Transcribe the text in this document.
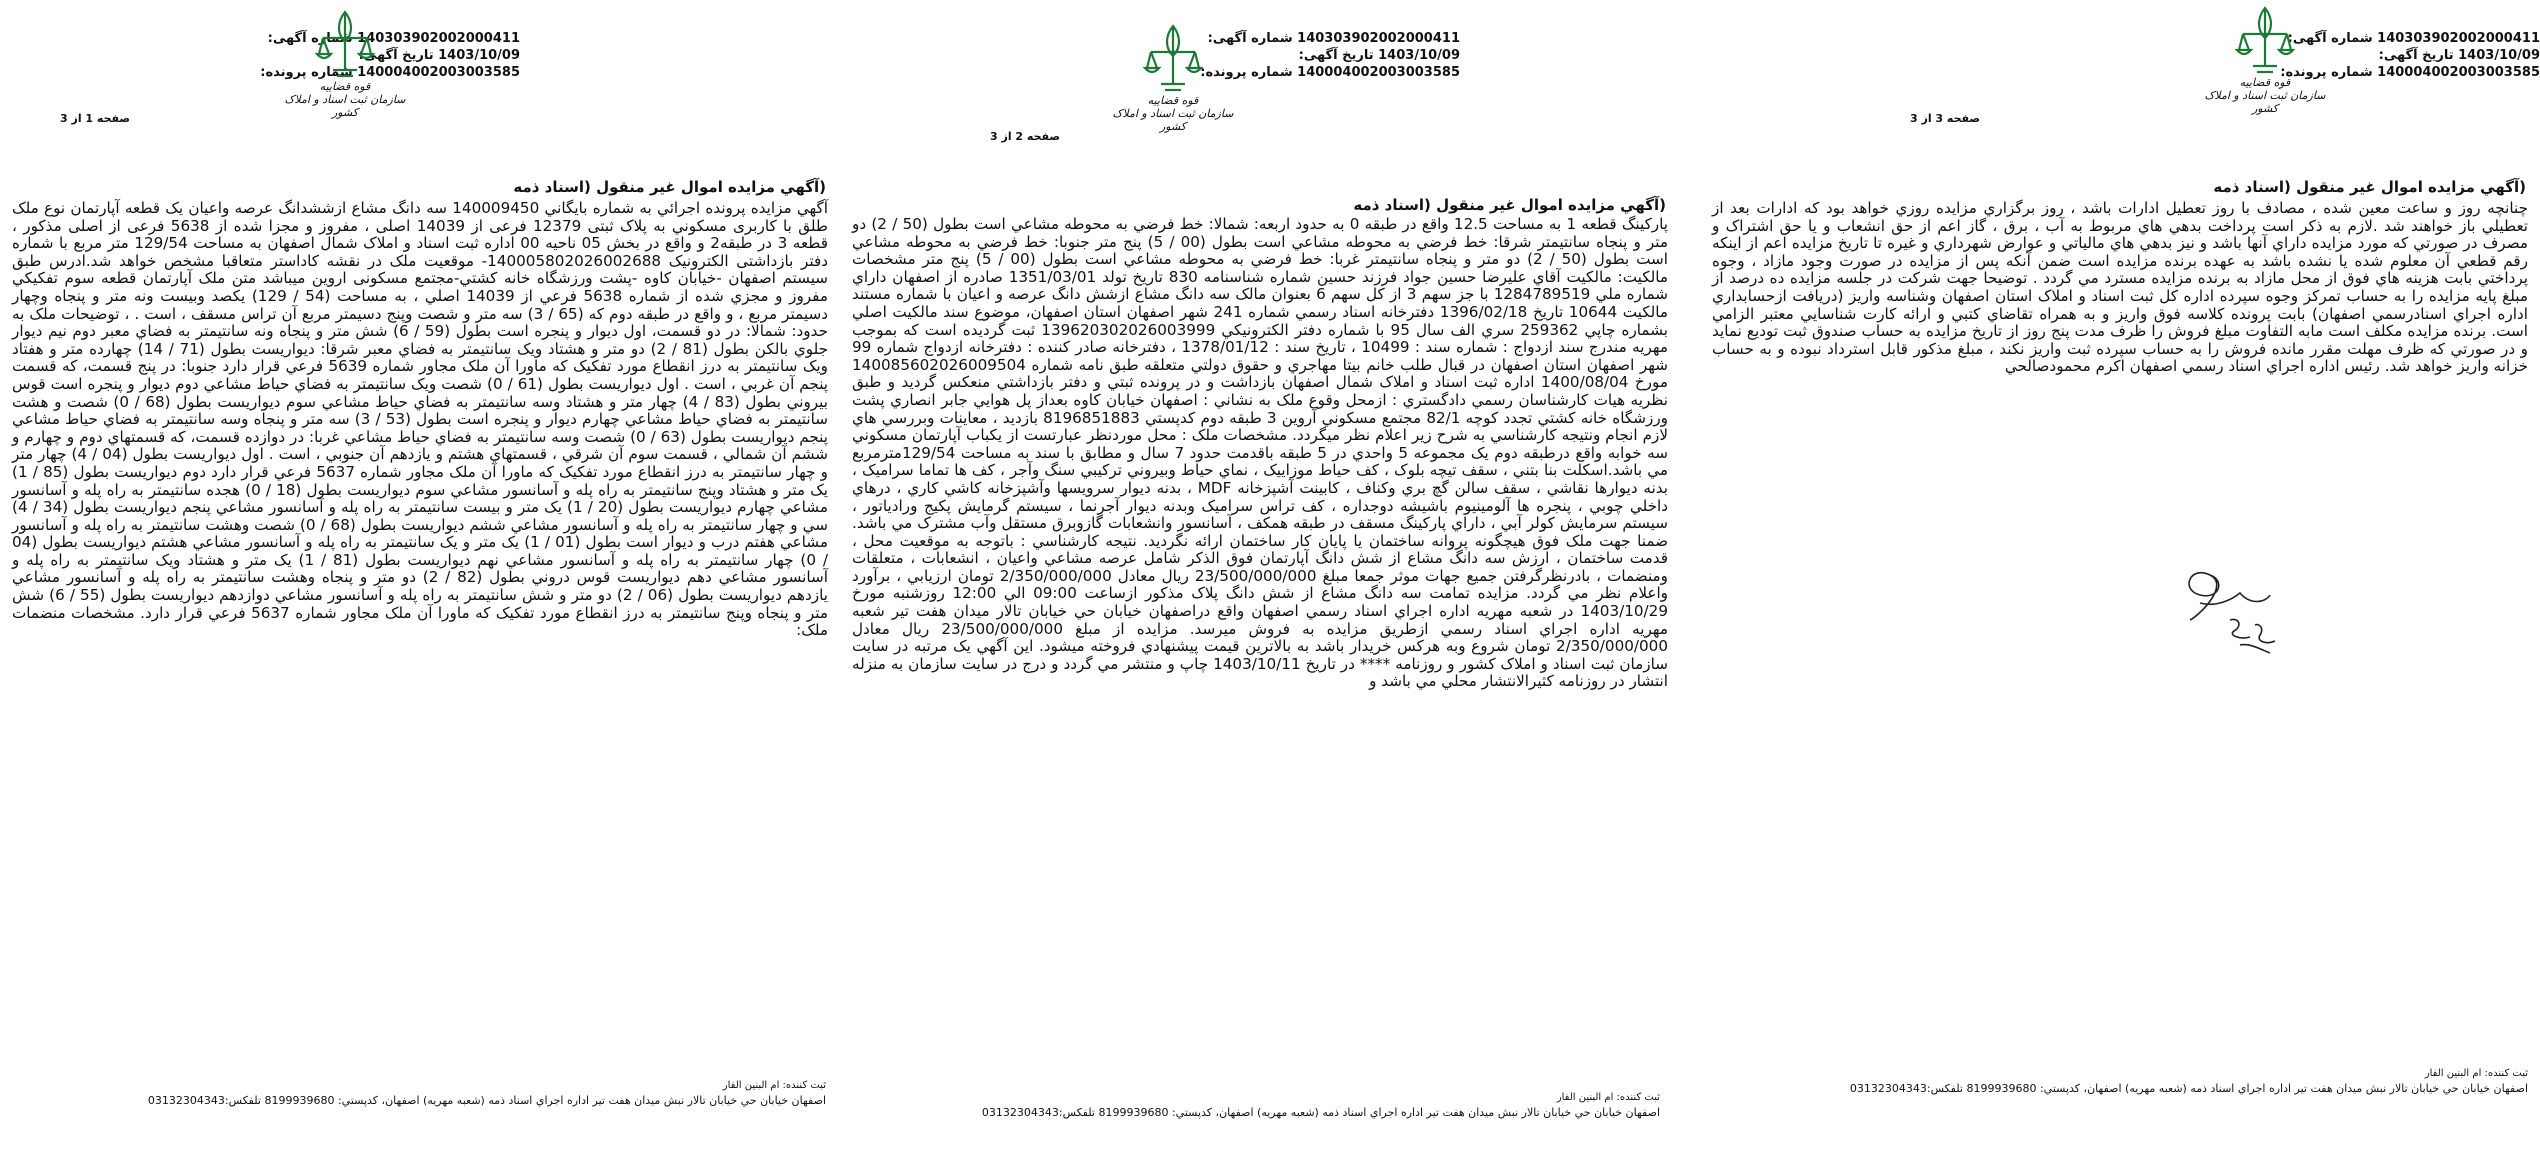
140303902002000411 شماره آگهی:
1403/10/09 تاریخ آگهی:
140004002003003585 شماره پرونده:
قوه قضاییه
سازمان ثبت اسناد و املاک کشور
صفحه 1 از 3
(آگهي مزايده اموال غير منقول (اسناد ذمه

آگهي مزايده پرونده اجرائي به شماره بايگاني 140009450 سه دانگ مشاع ازششدانگ عرصه واعيان يک قطعه آپارتمان نوع ملک طلق با کاربری مسکوني به پلاک ثبتی 12379 فرعی از 14039 اصلی ، مفروز و مجزا شده از 5638 فرعی از اصلی مذکور ، قطعه 3 در طبقه2 و واقع در بخش 05 ناحیه 00 اداره ثبت اسناد و املاک شمال اصفهان به مساحت 129/54 متر مربع با شماره دفتر بازداشتی الکترونیک 140005802026002688- موقعیت ملک در نقشه کاداستر متعاقبا مشخص خواهد شد.ادرس طبق سیستم اصفهان -خیابان کاوه -پشت ورزشگاه خانه کشتي-مجتمع مسکونی اروین میباشد متن ملک آپارتمان قطعه سوم تفکیکي مفروز و مجزي شده از شماره 5638 فرعي از 14039 اصلي ، به مساحت (54 / 129) يکصد وبيست ونه متر و پنجاه وچهار دسيمتر مربع ، و واقع در طبقه دوم که (65 / 3) سه متر و شصت وپنج دسيمتر مربع آن تراس مسقف ، است . ، توضيحات ملک به حدود: شمالا: در دو قسمت، اول ديوار و پنجره است بطول (59 / 6) شش متر و پنجاه ونه سانتيمتر به فضاي معبر دوم نيم ديوار جلوي بالکن بطول (81 / 2) دو متر و هشتاد ويک سانتيمتر به فضاي معبر شرقا: ديواريست بطول (71 / 14) چهارده متر و هفتاد ويک سانتيمتر به درز انقطاع مورد تفکيک که ماورا آن ملک مجاور شماره 5639 فرعي قرار دارد جنوبا: در پنج قسمت، که قسمت پنجم آن غربي ، است . اول ديواريست بطول (61 / 0) شصت ويک سانتيمتر به فضاي حياط مشاعي دوم ديوار و پنجره است قوس بيروني بطول (83 / 4) چهار متر و هشتاد وسه سانتيمتر به فضاي حياط مشاعي سوم ديواريست بطول (68 / 0) شصت و هشت سانتيمتر به فضاي حياط مشاعي چهارم ديوار و پنجره است بطول (53 / 3) سه متر و پنجاه وسه سانتيمتر به فضاي حياط مشاعي پنجم ديواريست بطول (63 / 0) شصت وسه سانتيمتر به فضاي حياط مشاعي غربا: در دوازده قسمت، که قسمتهاي دوم و چهارم و ششم آن شمالي ، قسمت سوم آن شرقي ، قسمتهاي هشتم و يازدهم آن جنوبي ، است . اول ديواريست بطول (04 / 4) چهار متر و چهار سانتيمتر به درز انقطاع مورد تفکيک که ماورا آن ملک مجاور شماره 5637 فرعي قرار دارد دوم ديواريست بطول (85 / 1) يک متر و هشتاد وپنج سانتيمتر به راه پله و آسانسور مشاعي سوم ديواريست بطول (18 / 0) هجده سانتيمتر به راه پله و آسانسور مشاعي چهارم ديواريست بطول (20 / 1) يک متر و بيست سانتيمتر به راه پله و آسانسور مشاعي پنجم ديواريست بطول (34 / 4) سي و چهار سانتيمتر به راه پله و آسانسور مشاعي ششم ديواريست بطول (68 / 0) شصت وهشت سانتيمتر به راه پله و آسانسور مشاعي هفتم درب و ديوار است بطول (01 / 1) يک متر و يک سانتيمتر به راه پله و آسانسور مشاعي هشتم ديواريست بطول (04 / 0) چهار سانتيمتر به راه پله و آسانسور مشاعي نهم ديواريست بطول (81 / 1) يک متر و هشتاد ويک سانتيمتر به راه پله و آسانسور مشاعي دهم ديواريست قوس دروني بطول (82 / 2) دو متر و پنجاه وهشت سانتيمتر به راه پله و آسانسور مشاعي يازدهم ديواريست بطول (06 / 2) دو متر و شش سانتيمتر به راه پله و آسانسور مشاعي دوازدهم ديواريست بطول (55 / 6) شش متر و پنجاه وپنج سانتيمتر به درز انقطاع مورد تفکيک که ماورا آن ملک مجاور شماره 5637 فرعي قرار دارد. مشخصات منضمات ملک:

ثبت کننده: ام البنين الفار
اصفهان خيابان حي خيابان تالار نبش ميدان هفت تير اداره اجراي اسناد ذمه (شعبه مهريه) اصفهان، کدپستي: 8199939680 تلفکس:03132304343
140303902002000411 شماره آگهی:
1403/10/09 تاریخ آگهی:
140004002003003585 شماره پرونده:
قوه قضاییه
سازمان ثبت اسناد و املاک کشور
صفحه 2 از 3
(آگهي مزايده اموال غير منقول (اسناد ذمه

پارکينگ قطعه 1 به مساحت 12.5 واقع در طبقه 0 به حدود اربعه: شمالا: خط فرضي به محوطه مشاعي است بطول (50 / 2) دو متر و پنجاه سانتيمتر شرقا: خط فرضي به محوطه مشاعي است بطول (00 / 5) پنج متر جنوبا: خط فرضي به محوطه مشاعي است بطول (50 / 2) دو متر و پنجاه سانتيمتر غربا: خط فرضي به محوطه مشاعي است بطول (00 / 5) پنج متر مشخصات مالکيت: مالکيت آقاي عليرضا حسين جواد فرزند حسين شماره شناسنامه 830 تاريخ تولد 1351/03/01 صادره از اصفهان داراي شماره ملي 1284789519 با جز سهم 3 از کل سهم 6 بعنوان مالک سه دانگ مشاع ازشش دانگ عرصه و اعيان با شماره مستند مالکيت 10644 تاريخ 1396/02/18 دفترخانه اسناد رسمي شماره 241 شهر اصفهان استان اصفهان، موضوع سند مالکيت اصلي بشماره چاپي 259362 سري الف سال 95 با شماره دفتر الکترونيکي 139620302026003999 ثبت گرديده است که بموجب مهريه مندرج سند ازدواج : شماره سند : 10499 ، تاريخ سند : 1378/01/12 ، دفترخانه صادر کننده : دفترخانه ازدواج شماره 99 شهر اصفهان استان اصفهان در قبال طلب خانم بيتا مهاجري و حقوق دولتي متعلقه طبق نامه شماره 140085602026009504 مورخ 1400/08/04 اداره ثبت اسناد و املاک شمال اصفهان بازداشت و در پرونده ثبتي و دفتر بازداشتي منعکس گرديد و طبق نظريه هيات کارشناسان رسمي دادگستري : ازمحل وقوع ملک به نشاني : اصفهان خيابان کاوه بعداز پل هوايي جابر انصاري پشت ورزشگاه خانه کشتي تجدد کوچه 82/1 مجتمع مسکوني آروين 3 طبقه دوم کدپستي 8196851883 بازديد ، معاينات وبررسي هاي لازم انجام ونتيجه کارشناسي به شرح زير اعلام نظر ميگردد. مشخصات ملک : محل موردنظر عبارتست از يکباب آپارتمان مسکوني سه خوابه واقع درطبقه دوم يک مجموعه 5 واحدي در 5 طبقه باقدمت حدود 7 سال و مطابق با سند به مساحت 129/54مترمربع مي باشد.اسکلت بنا بتني ، سقف تيچه بلوک ، کف حياط موزاييک ، نماي حياط وبيروني ترکيبي سنگ وآجر ، کف ها تماما سراميک ، بدنه ديوارها نقاشي ، سقف سالن گچ بري وکناف ، کابينت آشپزخانه MDF ، بدنه ديوار سرويسها وآشپزخانه کاشي کاري ، درهاي داخلي چوبي ، پنجره ها آلومينيوم باشيشه دوجداره ، کف تراس سراميک وبدنه ديوار آجرنما ، سيستم گرمايش پکيج ورادياتور ، سيستم سرمايش کولر آبي ، داراي پارکينگ مسقف در طبقه همکف ، آسانسور وانشعابات گازوبرق مستقل وآب مشترک مي باشد. ضمنا جهت ملک فوق هيچگونه پروانه ساختمان يا پايان کار ساختمان ارائه نگرديد. نتيجه کارشناسي : باتوجه به موقعيت محل ، قدمت ساختمان ، ارزش سه دانگ مشاع از شش دانگ آپارتمان فوق الذکر شامل عرصه مشاعي واعيان ، انشعابات ، متعلقات ومنضمات ، بادرنظرگرفتن جميع جهات موثر جمعا مبلغ 23/500/000/000 ريال معادل 2/350/000/000 تومان ارزيابي ، برآورد واعلام نظر مي گردد. مزايده تمامت سه دانگ مشاع از شش دانگ پلاک مذکور ازساعت 09:00 الي 12:00 روزشنبه مورخ 1403/10/29 در شعبه مهريه اداره اجراي اسناد رسمي اصفهان واقع دراصفهان خيابان حي خيابان تالار ميدان هفت تير شعبه مهريه اداره اجراي اسناد رسمي ازطريق مزايده به فروش ميرسد. مزايده از مبلغ 23/500/000/000 ريال معادل 2/350/000/000 تومان شروع وبه هرکس خريدار باشد به بالاترين قيمت پيشنهادي فروخته ميشود. اين آگهي يک مرتبه در سايت سازمان ثبت اسناد و املاک کشور و روزنامه **** در تاريخ 1403/10/11 چاپ و منتشر مي گردد و درج در سايت سازمان به منزله انتشار در روزنامه کثيرالانتشار محلي مي باشد و

ثبت کننده: ام البنين الفار
اصفهان خيابان حي خيابان تالار نبش ميدان هفت تير اداره اجراي اسناد ذمه (شعبه مهريه) اصفهان، کدپستي: 8199939680 تلفکس:03132304343
140303902002000411 شماره آگهی:
1403/10/09 تاریخ آگهی:
140004002003003585 شماره پرونده:
قوه قضاییه
سازمان ثبت اسناد و املاک کشور
صفحه 3 از 3
(آگهي مزايده اموال غير منقول (اسناد ذمه

چنانچه روز و ساعت معين شده ، مصادف با روز تعطيل ادارات باشد ، روز برگزاري مزايده روزي خواهد بود که ادارات بعد از تعطيلي باز خواهند شد .لازم به ذکر است پرداخت بدهي هاي مربوط به آب ، برق ، گاز اعم از حق انشعاب و يا حق اشتراک و مصرف در صورتي که مورد مزايده داراي آنها باشد و نيز بدهي هاي مالياتي و عوارض شهرداري و غيره تا تاريخ مزايده اعم از اينکه رقم قطعي آن معلوم شده يا نشده باشد به عهده برنده مزايده است ضمن آنکه پس از مزايده در صورت وجود مازاد ، وجوه پرداختي بابت هزينه هاي فوق از محل مازاد به برنده مزايده مسترد مي گردد . توضيحا جهت شرکت در جلسه مزايده ده درصد از مبلغ پايه مزايده را به حساب تمرکز وجوه سپرده اداره کل ثبت اسناد و املاک استان اصفهان وشناسه واريز (دريافت ازحسابداري اداره اجراي اسنادرسمي اصفهان) بابت پرونده کلاسه فوق واريز و به همراه تقاضاي کتبي و ارائه کارت شناسايي معتبر الزامي است. برنده مزايده مکلف است مابه التفاوت مبلغ فروش را ظرف مدت پنج روز از تاريخ مزايده به حساب صندوق ثبت توديع نمايد و در صورتي که ظرف مهلت مقرر مانده فروش را به حساب سپرده ثبت واريز نکند ، مبلغ مذکور قابل استرداد نبوده و به حساب خزانه واريز خواهد شد. رئيس اداره اجراي اسناد رسمي اصفهان اکرم محمودصالحي

ثبت کننده: ام البنين الفار
اصفهان خيابان حي خيابان تالار نبش ميدان هفت تير اداره اجراي اسناد ذمه (شعبه مهريه) اصفهان، کدپستي: 8199939680 تلفکس:03132304343
